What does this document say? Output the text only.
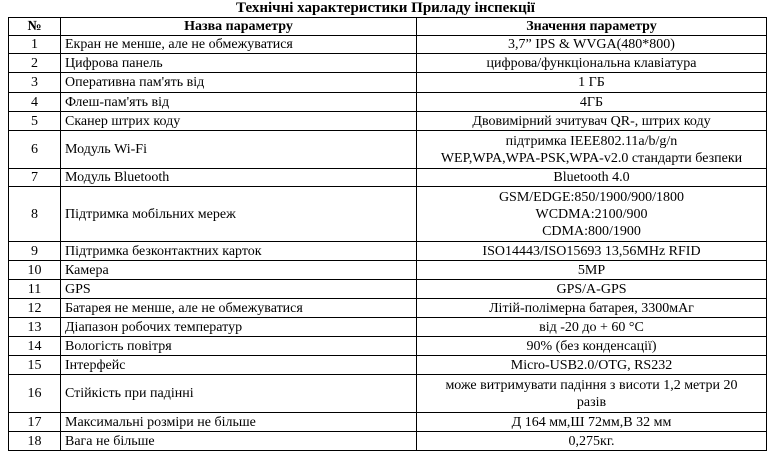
Технічні характеристики Приладу інспекції
№	Назва параметру	Значення параметру
1	Екран не менше, але не обмежуватися	3,7” IPS & WVGA(480*800)

2	Цифрова панель	цифрова/функціональна клавіатура

3	Оперативна пам'ять від	1 ГБ

4	Флеш-пам'ять від	4ГБ

5	Сканер штрих коду	Двовимірний зчитувач QR-, штрих коду

6	Модуль Wi-Fi	підтримка IEEE802.11a/b/g/n
WEP,WPA,WPA-PSK,WPA-v2.0 стандарти безпеки

7	Модуль Bluetooth	Bluetooth 4.0

8	Підтримка мобільних мереж	GSM/EDGE:850/1900/900/1800
WCDMA:2100/900
CDMA:800/1900

9	Підтримка безконтактних карток	ISO14443/ISO15693 13,56MHz RFID

10	Камера	5MP

11	GPS	GPS/A-GPS

12	Батарея не менше, але не обмежуватися	Літій-полімерна батарея, 3300мАг

13	Діапазон робочих температур	від -20 до + 60 °C

14	Вологість повітря	90% (без конденсації)

15	Інтерфейс	Micro-USB2.0/OTG, RS232

16	Стійкість при падінні	може витримувати падіння з висоти 1,2 метри 20
разів

17	Максимальні розміри не більше	Д 164 мм,Ш 72мм,В 32 мм

18	Вага не більше	0,275кг.
